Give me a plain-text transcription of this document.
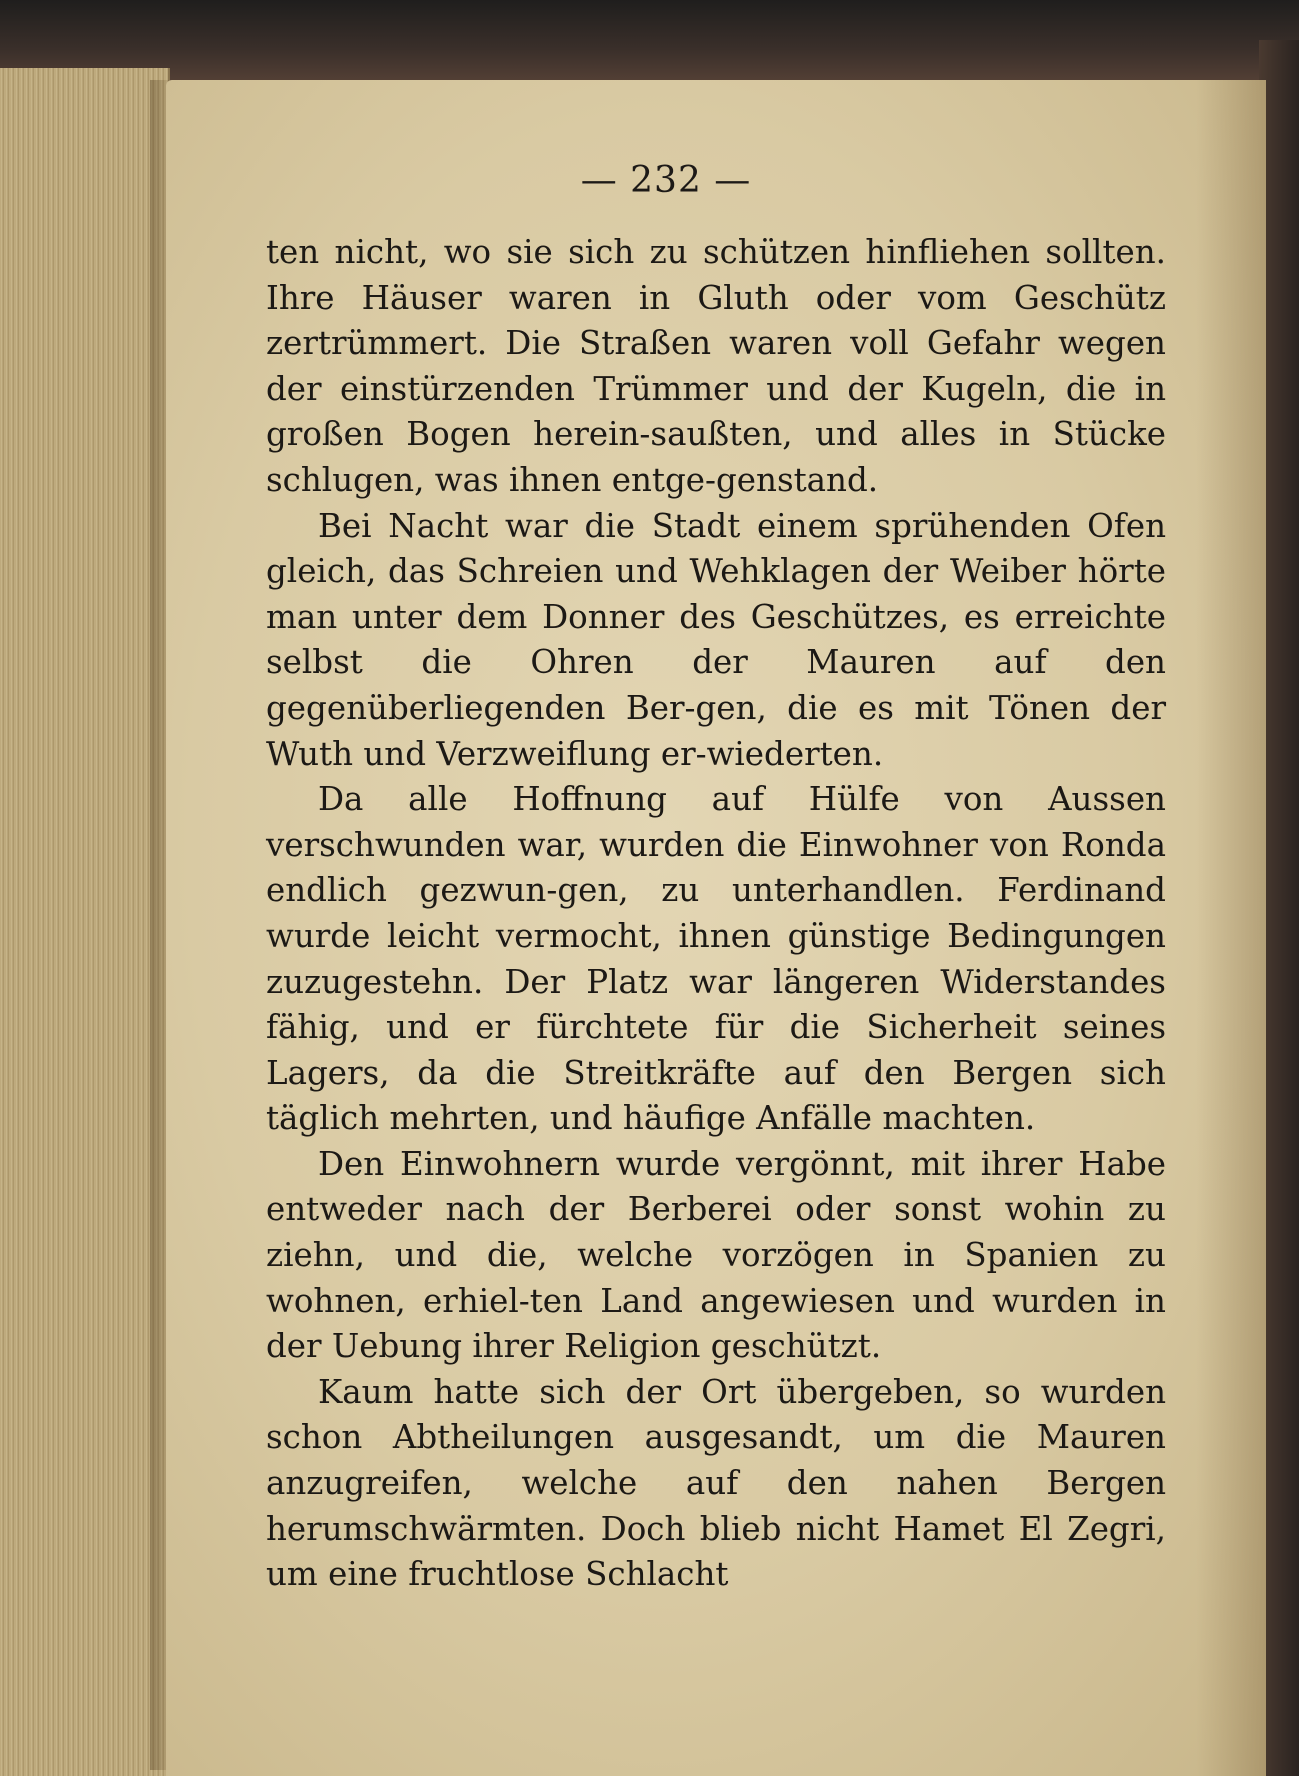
— 232 —

ten nicht, wo sie sich zu schützen hinfliehen sollten. Ihre Häuser waren in Gluth oder vom Geschütz zertrümmert. Die Straßen waren voll Gefahr wegen der einstürzenden Trümmer und der Kugeln, die in großen Bogen herein-saußten, und alles in Stücke schlugen, was ihnen entge-genstand.

Bei Nacht war die Stadt einem sprühenden Ofen gleich, das Schreien und Wehklagen der Weiber hörte man unter dem Donner des Geschützes, es erreichte selbst die Ohren der Mauren auf den gegenüberliegenden Ber-gen, die es mit Tönen der Wuth und Verzweiflung er-wiederten.

Da alle Hoffnung auf Hülfe von Aussen verschwunden war, wurden die Einwohner von Ronda endlich gezwun-gen, zu unterhandlen. Ferdinand wurde leicht vermocht, ihnen günstige Bedingungen zuzugestehn. Der Platz war längeren Widerstandes fähig, und er fürchtete für die Sicherheit seines Lagers, da die Streitkräfte auf den Bergen sich täglich mehrten, und häufige Anfälle machten.

Den Einwohnern wurde vergönnt, mit ihrer Habe entweder nach der Berberei oder sonst wohin zu ziehn, und die, welche vorzögen in Spanien zu wohnen, erhiel-ten Land angewiesen und wurden in der Uebung ihrer Religion geschützt.

Kaum hatte sich der Ort übergeben, so wurden schon Abtheilungen ausgesandt, um die Mauren anzugreifen, welche auf den nahen Bergen herumschwärmten. Doch blieb nicht Hamet El Zegri, um eine fruchtlose Schlacht
